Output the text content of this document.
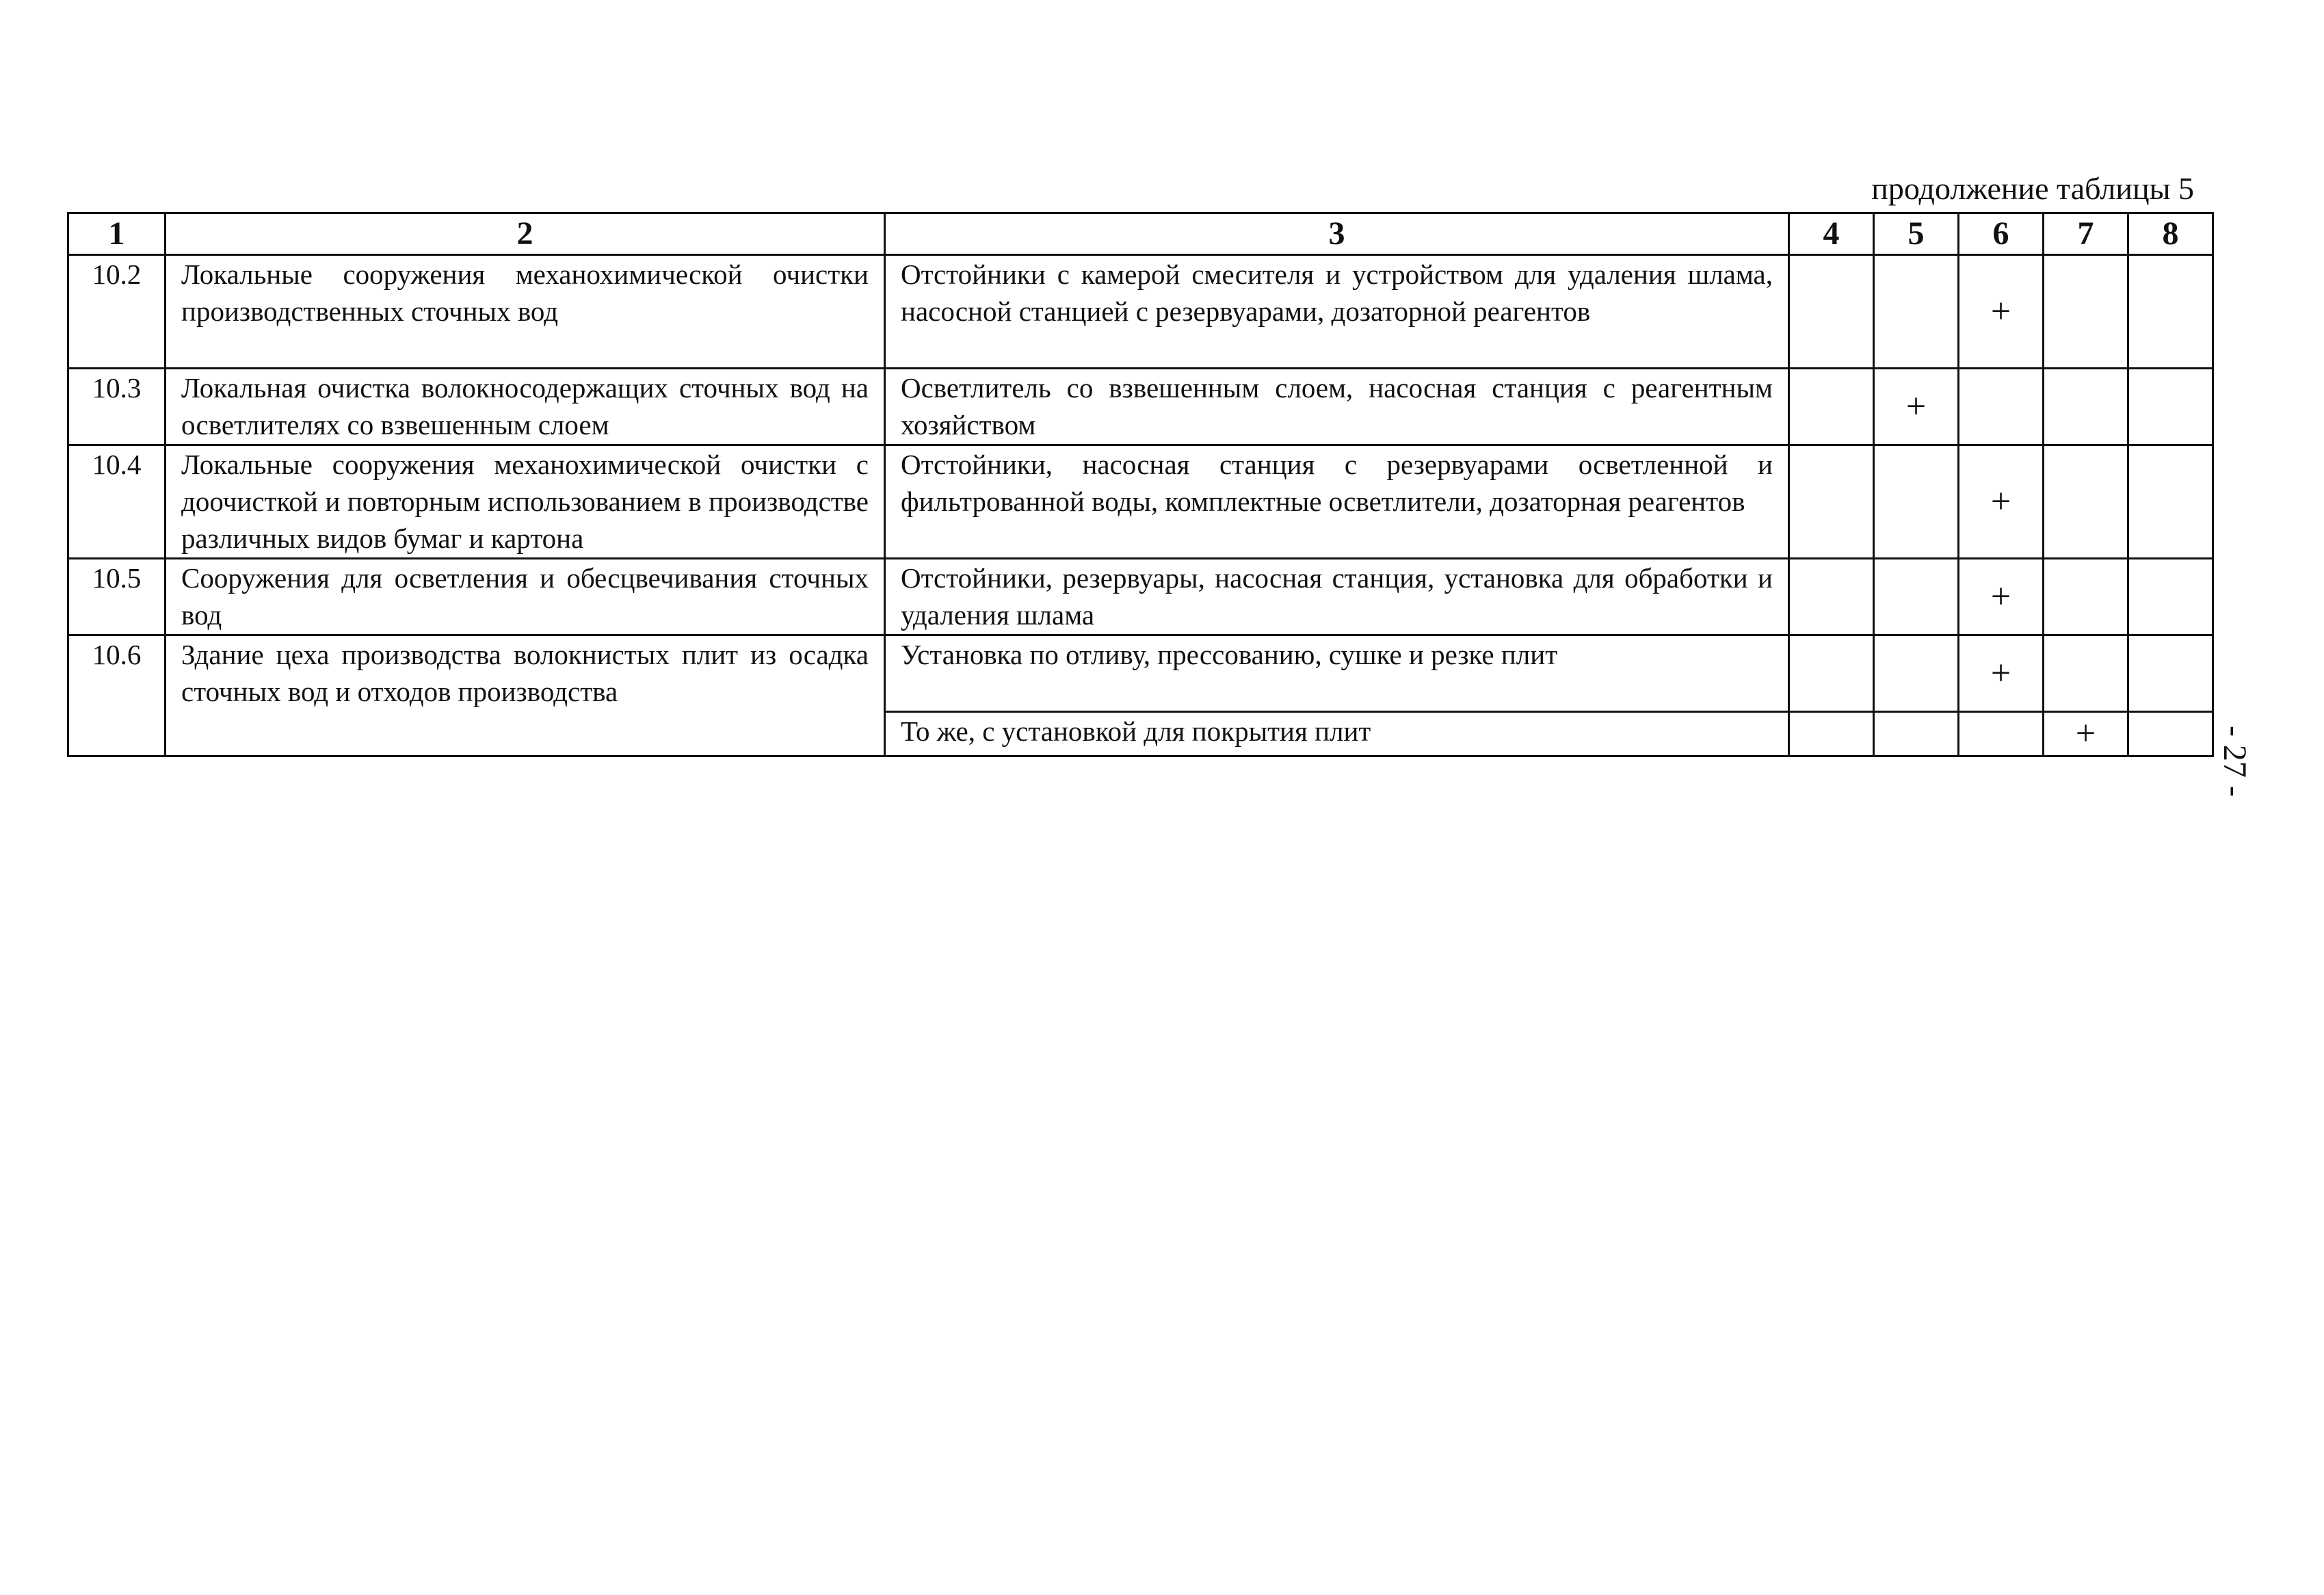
продолжение таблицы 5
1	2	3	4	5	6	7	8
10.2	Локальные сооружения механохимической очистки производственных сточных вод	Отстойники с камерой смесителя и устройством для удаления шлама, насосной станцией с резервуарами, дозаторной реагентов			+		
10.3	Локальная очистка волокносодержащих сточных вод на осветлителях со взвешенным слоем	Осветлитель со взвешенным слоем, насосная станция с реагентным хозяйством		+			
10.4	Локальные сооружения механохимической очистки с доочисткой и повторным использованием в производстве различных видов бумаг и картона	Отстойники, насосная станция с резервуарами осветленной и фильтрованной воды, комплектные осветлители, дозаторная реагентов			+		
10.5	Сооружения для осветления и обесцвечивания сточных вод	Отстойники, резервуары, насосная станция, установка для обработки и удаления шлама			+		
10.6	Здание цеха производства волокнистых плит из осадка сточных вод и отходов производства	Установка по отливу, прессованию, сушке и резке плит			+		
		То же, с установкой для покрытия плит				+		- 27 -
